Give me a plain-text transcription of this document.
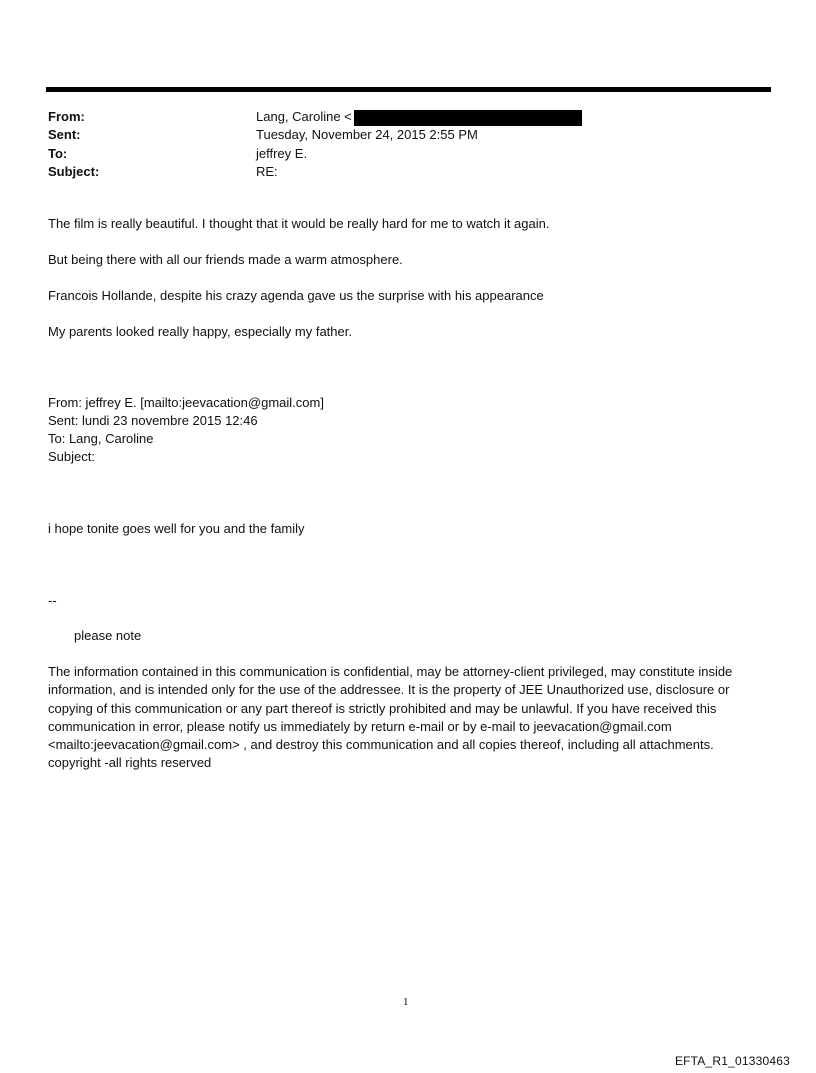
From:	Lang, Caroline <
Sent:	Tuesday, November 24, 2015 2:55 PM
To:	jeffrey E.
Subject:	RE:
The film is really beautiful. I thought that it would be really hard for me to watch it again.
But being there with all our friends made a warm atmosphere.
Francois Hollande, despite his crazy agenda gave us the surprise with his appearance
My parents looked really happy, especially my father.
From: jeffrey E. [mailto:jeevacation@gmail.com]
Sent: lundi 23 novembre 2015 12:46
To: Lang, Caroline
Subject:
i hope tonite goes well for you and the family
--
please note
The information contained in this communication is confidential, may be attorney-client privileged, may constitute inside information, and is intended only for the use of the addressee. It is the property of JEE Unauthorized use, disclosure or copying of this communication or any part thereof is strictly prohibited and may be unlawful. If you have received this communication in error, please notify us immediately by return e-mail or by e-mail to jeevacation@gmail.com <mailto:jeevacation@gmail.com> , and destroy this communication and all copies thereof, including all attachments. copyright -all rights reserved
1
EFTA_R1_01330463
